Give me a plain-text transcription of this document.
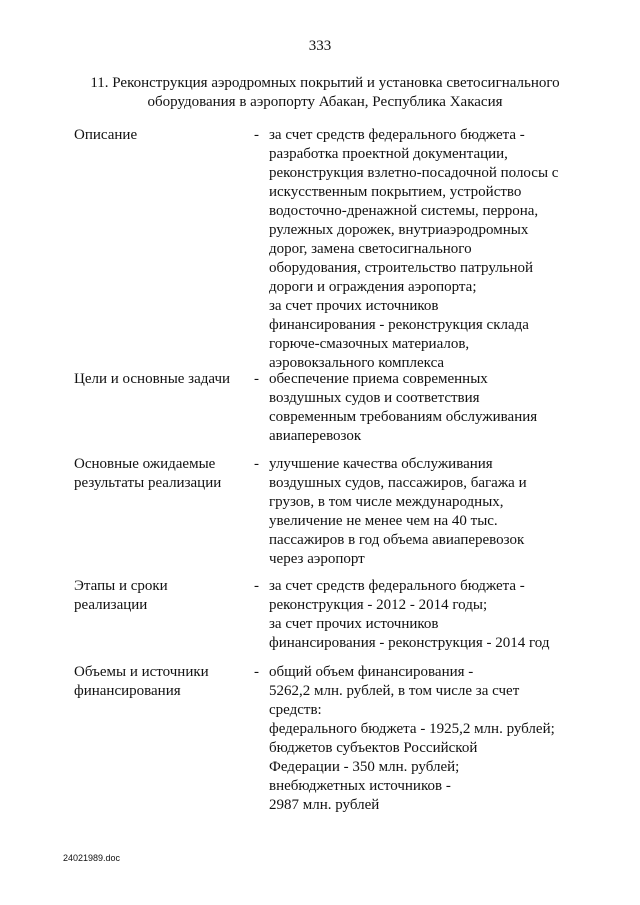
333
11. Реконструкция аэродромных покрытий и установка светосигнального
оборудования в аэропорту Абакан, Республика Хакасия
Описание	- за счет средств федерального бюджета -
разработка проектной документации,
реконструкция взлетно-посадочной полосы с
искусственным покрытием, устройство
водосточно-дренажной системы, перрона,
рулежных дорожек, внутриаэродромных
дорог, замена светосигнального
оборудования, строительство патрульной
дороги и ограждения аэропорта;
за счет прочих источников
финансирования - реконструкция склада
горюче-смазочных материалов,
аэровокзального комплекса
Цели и основные задачи	- обеспечение приема современных
воздушных судов и соответствия
современным требованиям обслуживания
авиаперевозок
Основные ожидаемые
результаты реализации
- улучшение качества обслуживания
воздушных судов, пассажиров, багажа и
грузов, в том числе международных,
увеличение не менее чем на 40 тыс.
пассажиров в год объема авиаперевозок
через аэропорт
Этапы и сроки
реализации
- за счет средств федерального бюджета -
реконструкция - 2012 - 2014 годы;
за счет прочих источников
финансирования - реконструкция - 2014 год
Объемы и источники
финансирования
- общий объем финансирования -
5262,2 млн. рублей, в том числе за счет
средств:
федерального бюджета - 1925,2 млн. рублей;
бюджетов субъектов Российской
Федерации - 350 млн. рублей;
внебюджетных источников -
2987 млн. рублей
24021989.doc
